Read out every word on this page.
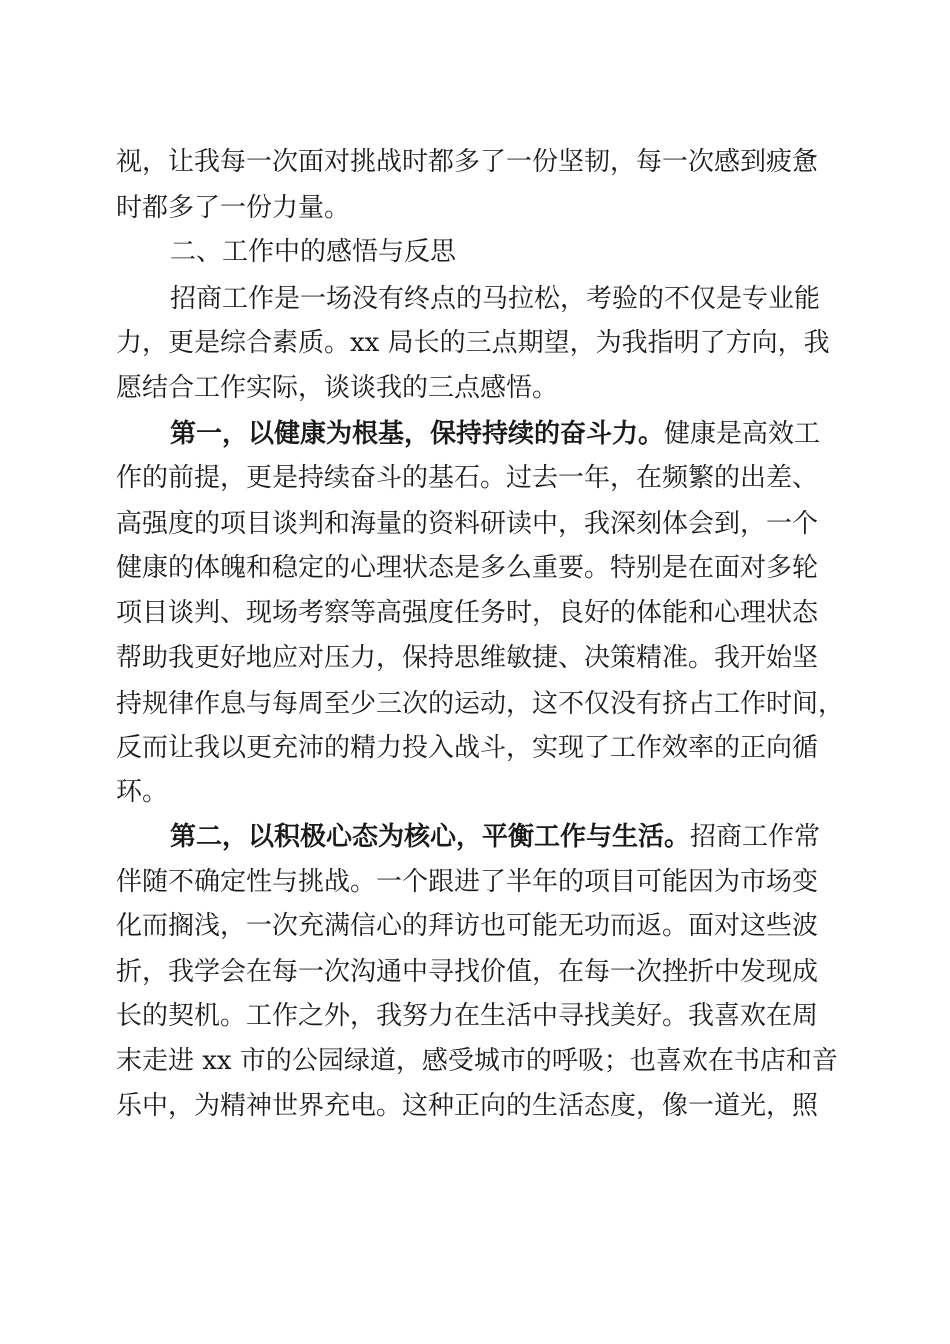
视，让我每一次面对挑战时都多了一份坚韧，每一次感到疲惫
时都多了一份力量。
二、工作中的感悟与反思
招商工作是一场没有终点的马拉松，考验的不仅是专业能
力，更是综合素质。xx 局长的三点期望，为我指明了方向，我
愿结合工作实际，谈谈我的三点感悟。
第一，以健康为根基，保持持续的奋斗力。健康是高效工
作的前提，更是持续奋斗的基石。过去一年，在频繁的出差、
高强度的项目谈判和海量的资料研读中，我深刻体会到，一个
健康的体魄和稳定的心理状态是多么重要。特别是在面对多轮
项目谈判、现场考察等高强度任务时，良好的体能和心理状态
帮助我更好地应对压力，保持思维敏捷、决策精准。我开始坚
持规律作息与每周至少三次的运动，这不仅没有挤占工作时间，
反而让我以更充沛的精力投入战斗，实现了工作效率的正向循
环。
第二，以积极心态为核心，平衡工作与生活。招商工作常
伴随不确定性与挑战。一个跟进了半年的项目可能因为市场变
化而搁浅，一次充满信心的拜访也可能无功而返。面对这些波
折，我学会在每一次沟通中寻找价值，在每一次挫折中发现成
长的契机。工作之外，我努力在生活中寻找美好。我喜欢在周
末走进 xx 市的公园绿道，感受城市的呼吸；也喜欢在书店和音
乐中，为精神世界充电。这种正向的生活态度，像一道光，照
